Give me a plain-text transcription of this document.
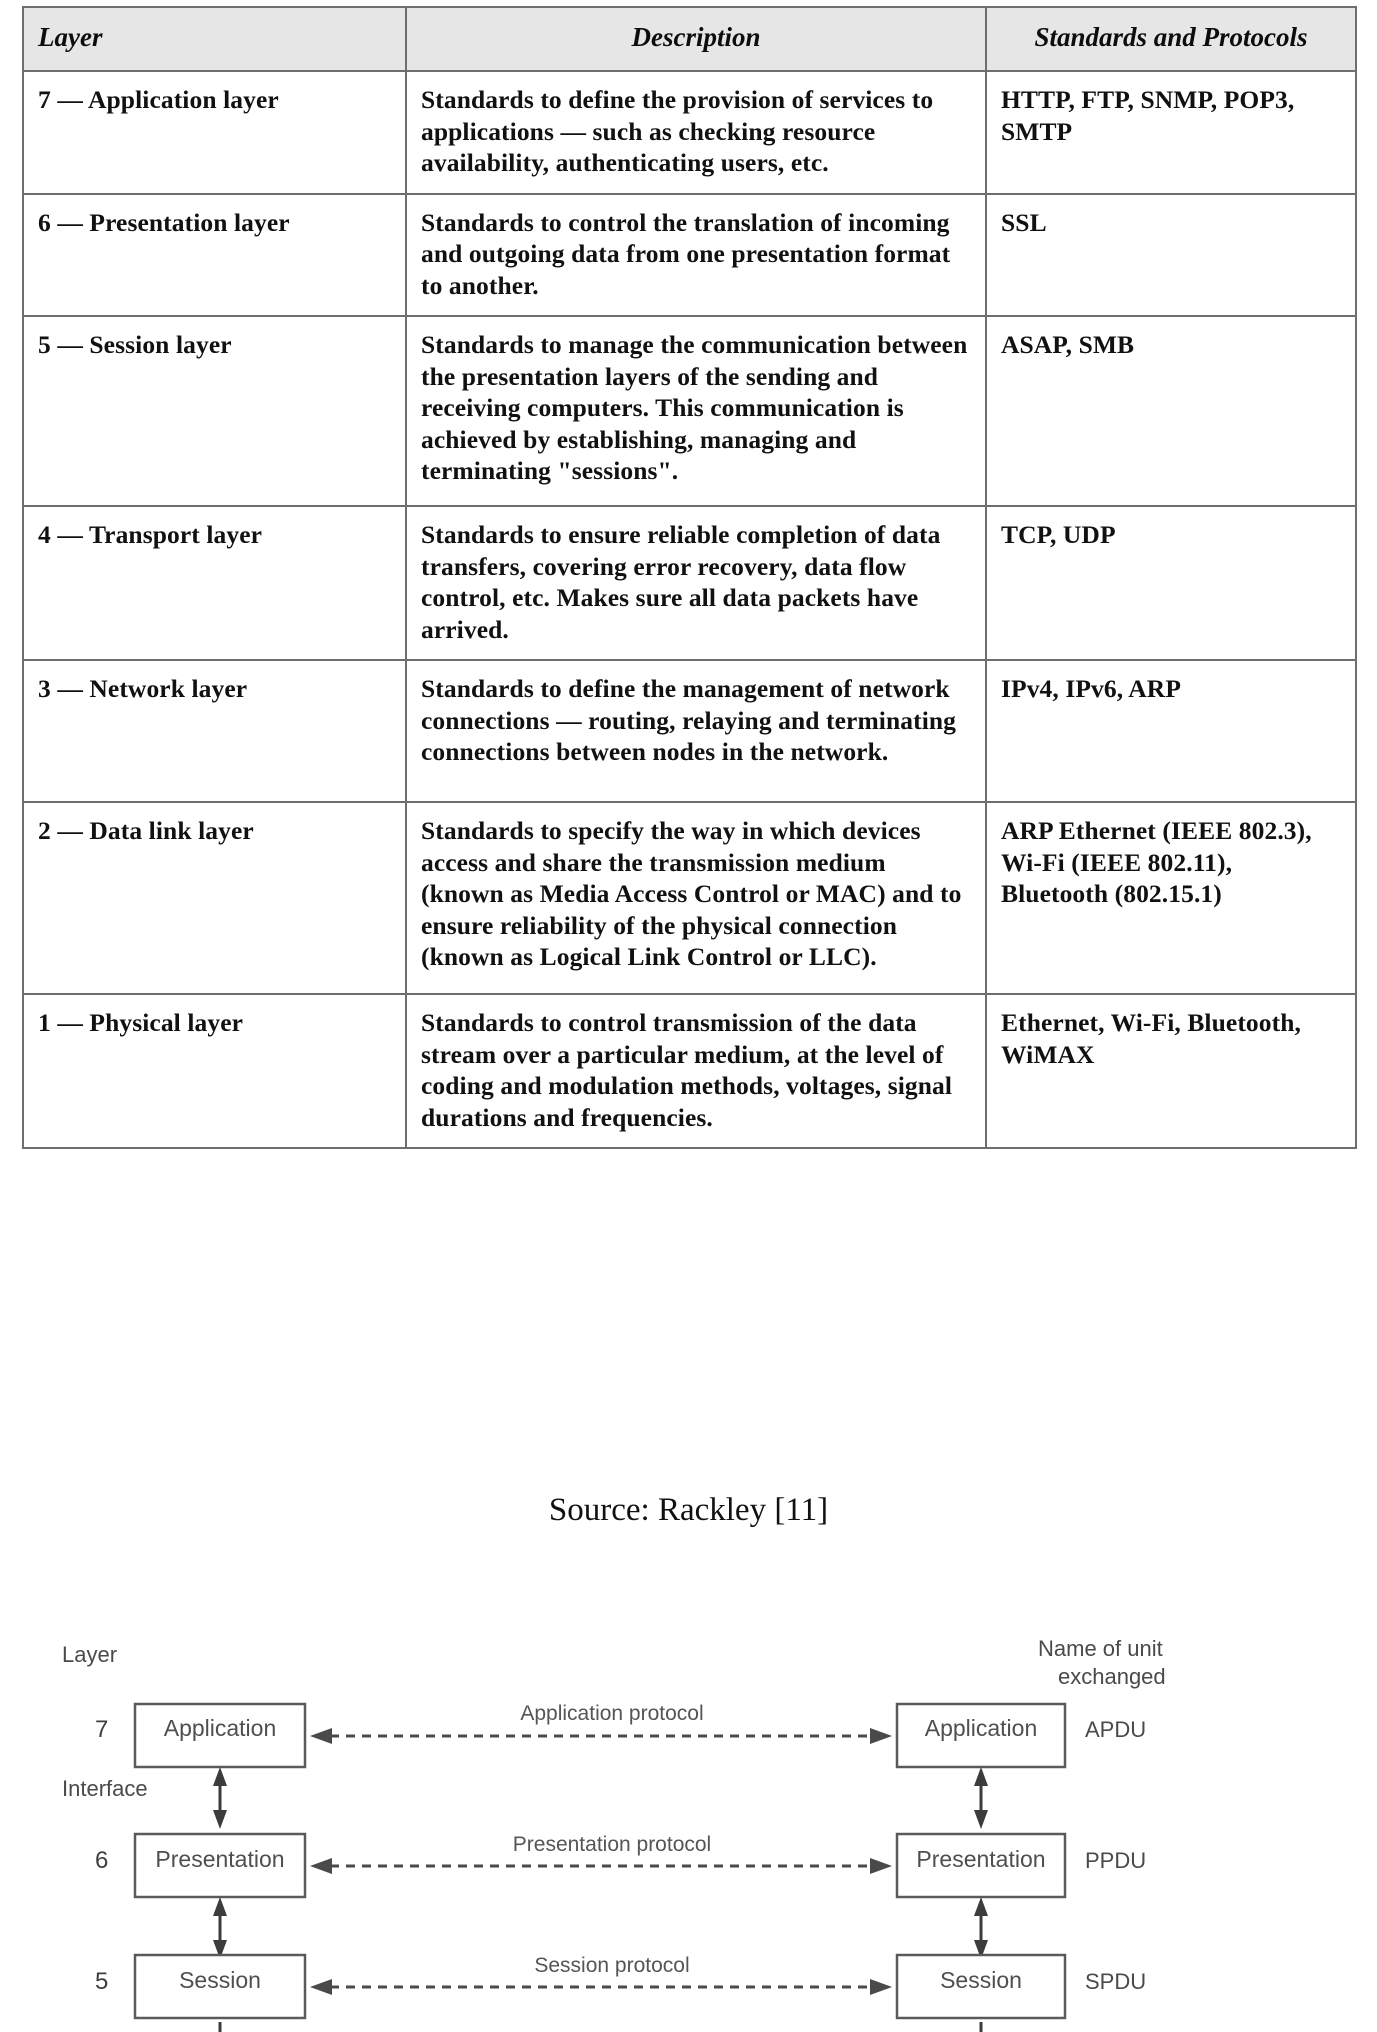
Layer	Description	Standards and Protocols
7 — Application layer	Standards to define the provision of services to applications — such as checking resource availability, authenticating users, etc.	HTTP, FTP, SNMP, POP3, SMTP
6 — Presentation layer	Standards to control the translation of incoming and outgoing data from one presentation format to another.	SSL
5 — Session layer	Standards to manage the communication between the presentation layers of the sending and receiving computers. This communication is achieved by establishing, managing and terminating "sessions".	ASAP, SMB
4 — Transport layer	Standards to ensure reliable completion of data transfers, covering error recovery, data flow control, etc. Makes sure all data packets have arrived.	TCP, UDP
3 — Network layer	Standards to define the management of network connections — routing, relaying and terminating connections between nodes in the network.	IPv4, IPv6, ARP
2 — Data link layer	Standards to specify the way in which devices access and share the transmission medium (known as Media Access Control or MAC) and to ensure reliability of the physical connection (known as Logical Link Control or LLC).	ARP Ethernet (IEEE 802.3), Wi-Fi (IEEE 802.11), Bluetooth (802.15.1)
1 — Physical layer	Standards to control transmission of the data stream over a particular medium, at the level of coding and modulation methods, voltages, signal durations and frequencies.	Ethernet, Wi-Fi, Bluetooth, WiMAX
Source: Rackley [11]
Layer	Name of unit
exchanged
7 Application
Application protocol
Application APDU
Interface
6 Presentation
Presentation protocol
Presentation PPDU
5	Session
Session protocol
Session	SPDU
